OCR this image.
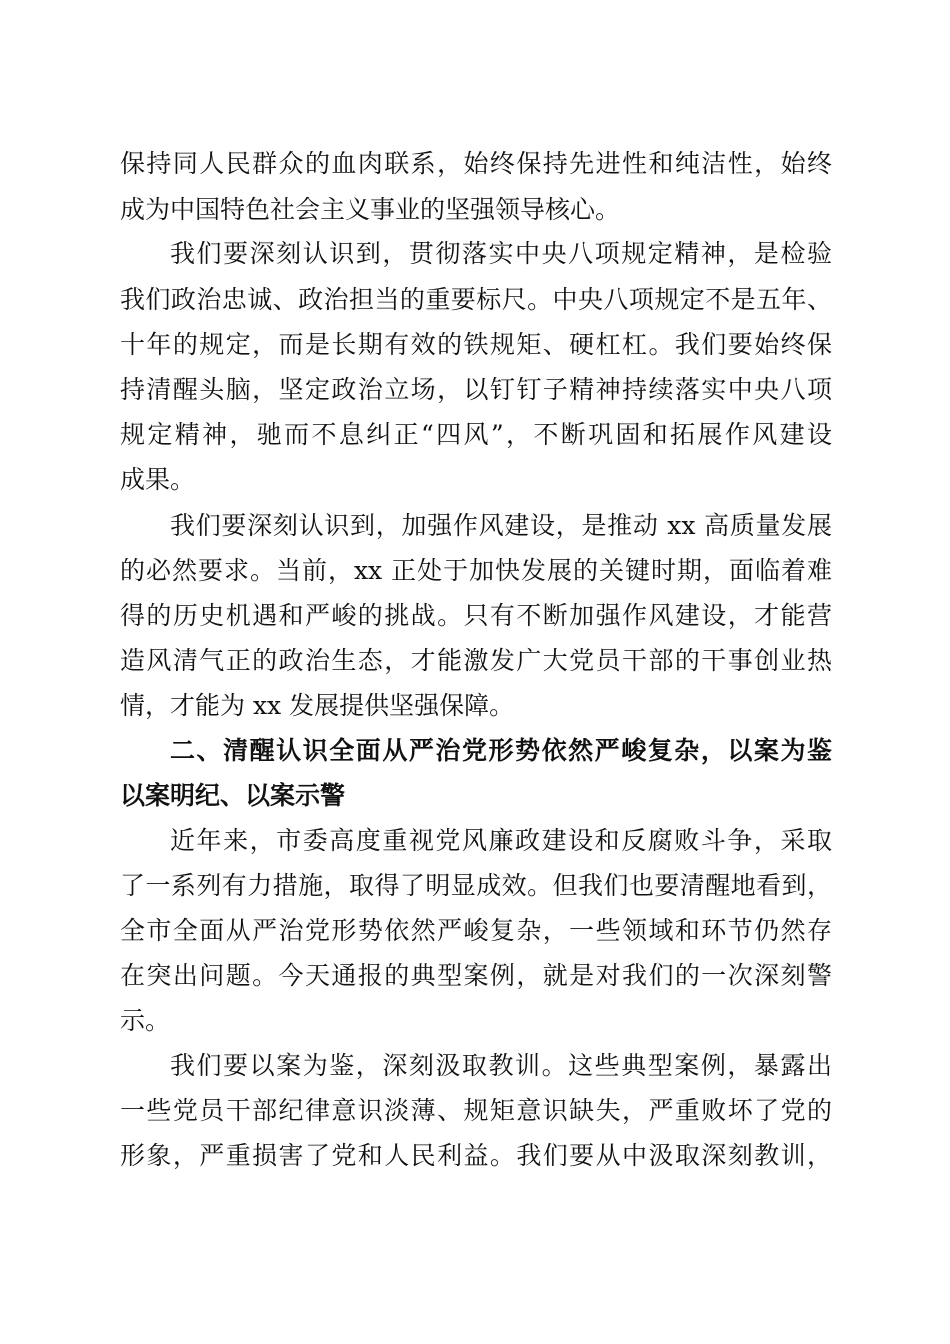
保持同人民群众的血肉联系，始终保持先进性和纯洁性，始终
成为中国特色社会主义事业的坚强领导核心。
我们要深刻认识到，贯彻落实中央八项规定精神，是检验
我们政治忠诚、政治担当的重要标尺。中央八项规定不是五年、
十年的规定，而是长期有效的铁规矩、硬杠杠。我们要始终保
持清醒头脑，坚定政治立场，以钉钉子精神持续落实中央八项
规定精神，驰而不息纠正“四风”，不断巩固和拓展作风建设
成果。
我们要深刻认识到，加强作风建设，是推动 xx 高质量发展
的必然要求。当前，xx 正处于加快发展的关键时期，面临着难
得的历史机遇和严峻的挑战。只有不断加强作风建设，才能营
造风清气正的政治生态，才能激发广大党员干部的干事创业热
情，才能为 xx 发展提供坚强保障。
二、清醒认识全面从严治党形势依然严峻复杂，以案为鉴
以案明纪、以案示警
近年来，市委高度重视党风廉政建设和反腐败斗争，采取
了一系列有力措施，取得了明显成效。但我们也要清醒地看到，
全市全面从严治党形势依然严峻复杂，一些领域和环节仍然存
在突出问题。今天通报的典型案例，就是对我们的一次深刻警
示。
我们要以案为鉴，深刻汲取教训。这些典型案例，暴露出
一些党员干部纪律意识淡薄、规矩意识缺失，严重败坏了党的
形象，严重损害了党和人民利益。我们要从中汲取深刻教训，
